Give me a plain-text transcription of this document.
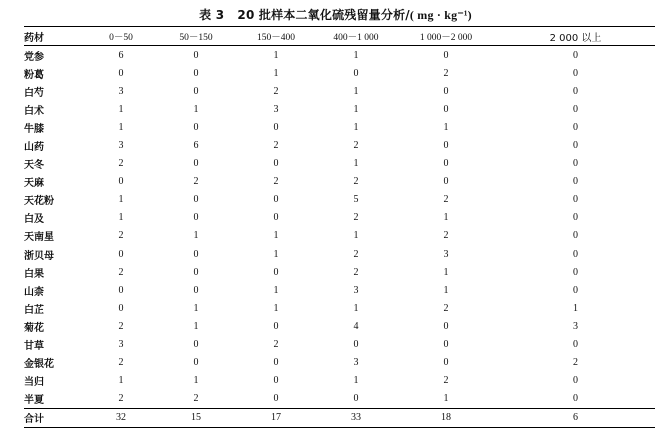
表 3 20 批样本二氧化硫残留量分析/( mg · kg⁻¹)
药材	0－50	50－150	150－400	400－1 000	1 000－2 000	2 000 以上
党参	6	0	1	1	0	0
粉葛	0	0	1	0	2	0
白芍	3	0	2	1	0	0
白术	1	1	3	1	0	0
牛膝	1	0	0	1	1	0
山药	3	6	2	2	0	0
天冬	2	0	0	1	0	0
天麻	0	2	2	2	0	0
天花粉	1	0	0	5	2	0
白及	1	0	0	2	1	0
天南星	2	1	1	1	2	0
浙贝母	0	0	1	2	3	0
白果	2	0	0	2	1	0
山柰	0	0	1	3	1	0
白芷	0	1	1	1	2	1
菊花	2	1	0	4	0	3
甘草	3	0	2	0	0	0
金银花	2	0	0	3	0	2
当归	1	1	0	1	2	0
半夏	2	2	0	0	1	0
合计	32	15	17	33	18	6
